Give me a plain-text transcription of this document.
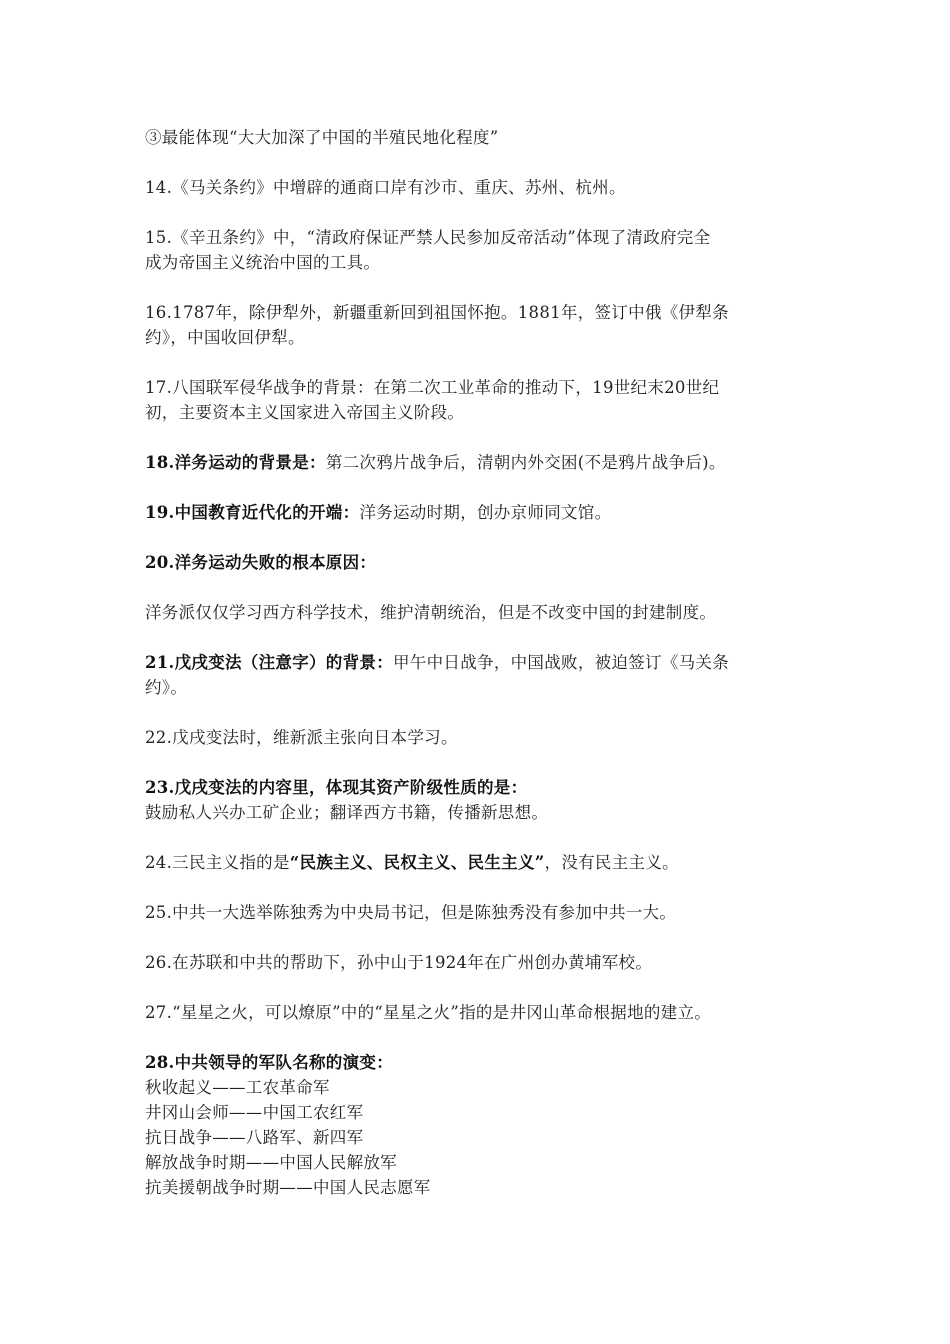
③最能体现“大大加深了中国的半殖民地化程度”

14.《马关条约》中增辟的通商口岸有沙市、重庆、苏州、杭州。

15.《辛丑条约》中，“清政府保证严禁人民参加反帝活动”体现了清政府完全
成为帝国主义统治中国的工具。

16.1787年，除伊犁外，新疆重新回到祖国怀抱。1881年，签订中俄《伊犁条
约》，中国收回伊犁。

17.八国联军侵华战争的背景：在第二次工业革命的推动下，19世纪末20世纪
初，主要资本主义国家进入帝国主义阶段。

18.洋务运动的背景是：第二次鸦片战争后，清朝内外交困(不是鸦片战争后)。

19.中国教育近代化的开端：洋务运动时期，创办京师同文馆。

20.洋务运动失败的根本原因：

洋务派仅仅学习西方科学技术，维护清朝统治，但是不改变中国的封建制度。

21.戊戌变法（注意字）的背景：甲午中日战争，中国战败，被迫签订《马关条
约》。

22.戊戌变法时，维新派主张向日本学习。

23.戊戌变法的内容里，体现其资产阶级性质的是：
鼓励私人兴办工矿企业；翻译西方书籍，传播新思想。

24.三民主义指的是“民族主义、民权主义、民生主义”，没有民主主义。

25.中共一大选举陈独秀为中央局书记，但是陈独秀没有参加中共一大。

26.在苏联和中共的帮助下，孙中山于1924年在广州创办黄埔军校。

27.“星星之火，可以燎原”中的“星星之火”指的是井冈山革命根据地的建立。

28.中共领导的军队名称的演变：
秋收起义——工农革命军
井冈山会师——中国工农红军
抗日战争——八路军、新四军
解放战争时期——中国人民解放军
抗美援朝战争时期——中国人民志愿军
